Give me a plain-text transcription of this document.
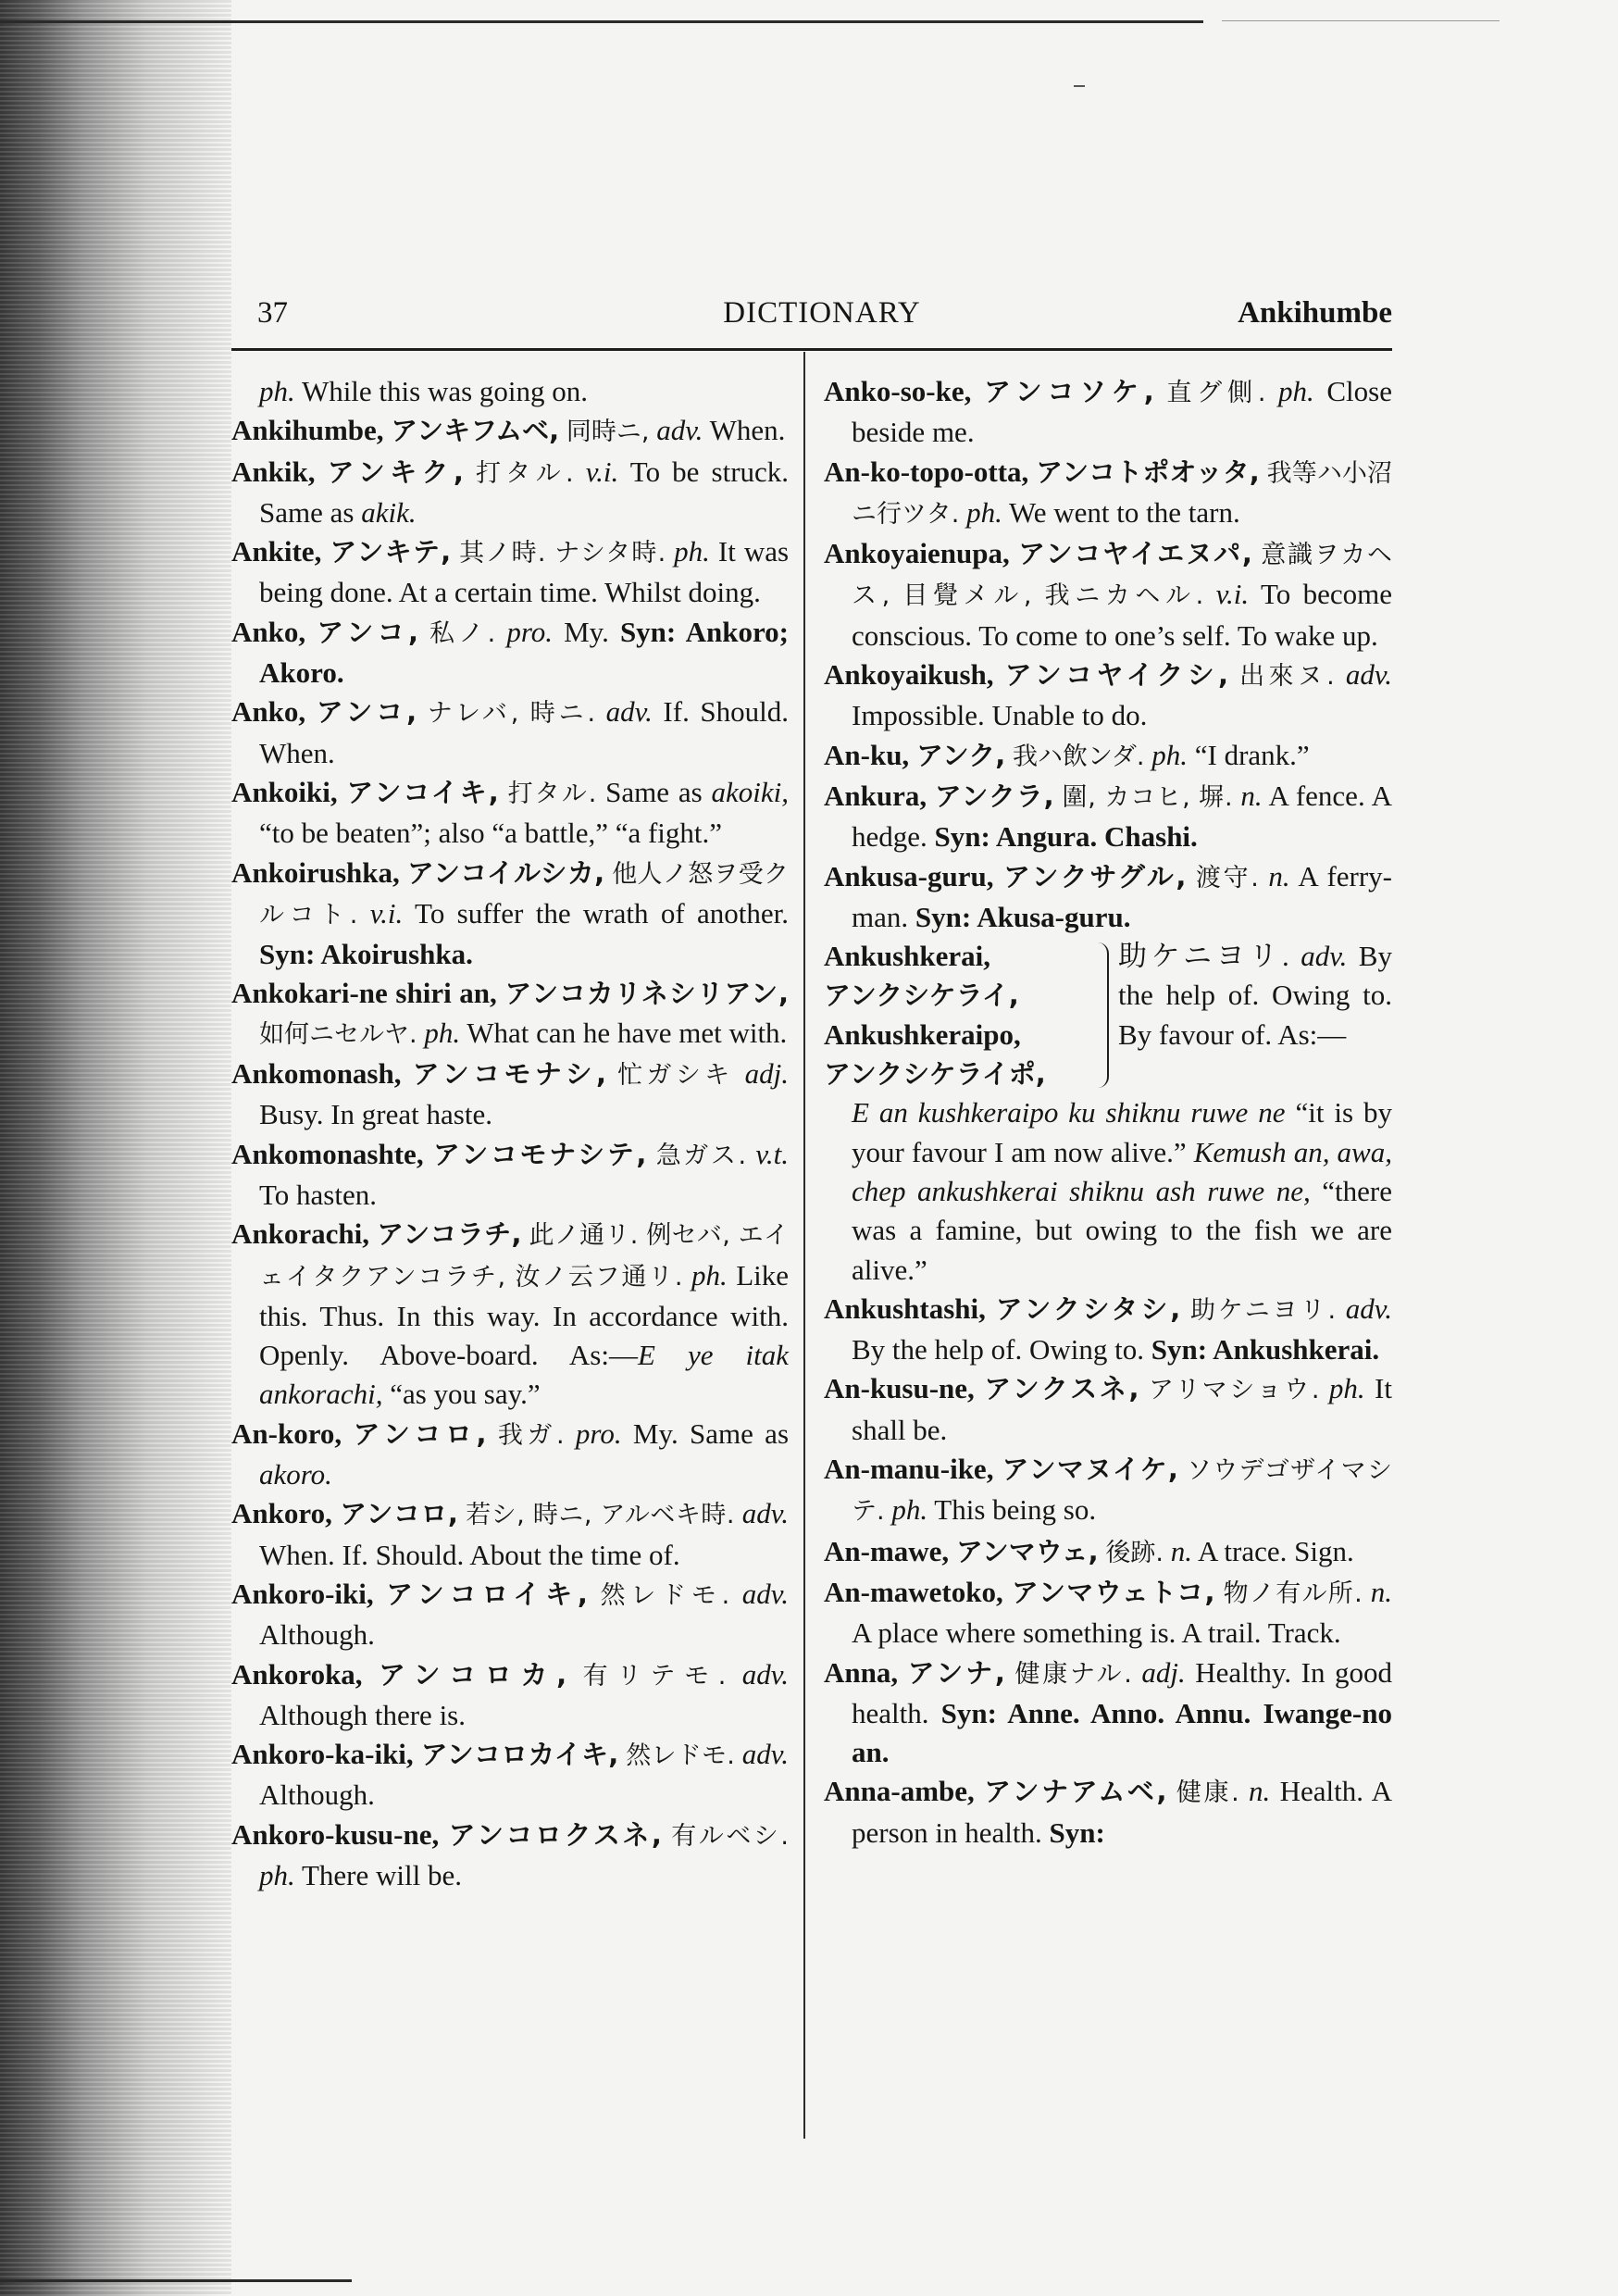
37	DICTIONARY	Ankihumbe

ph. While this was going on.

Ankihumbe, アンキフムベ, 同時ニ, adv. When.

Ankik, アンキク, 打タル. v.i. To be struck. Same as akik.

Ankite, アンキテ, 其ノ時. ナシタ時. ph. It was being done. At a certain time. Whilst doing.

Anko, アンコ, 私ノ. pro. My. Syn: Ankoro; Akoro.

Anko, アンコ, ナレバ, 時ニ. adv. If. Should. When.

Ankoiki, アンコイキ, 打タル. Same as akoiki, “to be beaten”; also “a battle,” “a fight.”

Ankoirushka, アンコイルシカ, 他人ノ怒ヲ受クルコト. v.i. To suffer the wrath of another. Syn: Akoirushka.

Ankokari-ne shiri an, アンコカリネシリアン, 如何ニセルヤ. ph. What can he have met with.

Ankomonash, アンコモナシ, 忙ガシキ adj. Busy. In great haste.

Ankomonashte, アンコモナシテ, 急ガス. v.t. To hasten.

Ankorachi, アンコラチ, 此ノ通リ. 例セバ, エイェイタクアンコラチ, 汝ノ云フ通リ. ph. Like this. Thus. In this way. In accordance with. Openly. Above-board. As:—E ye itak ankorachi, “as you say.”

An-koro, アンコロ, 我ガ. pro. My. Same as akoro.

Ankoro, アンコロ, 若シ, 時ニ, アルベキ時. adv. When. If. Should. About the time of.

Ankoro-iki, アンコロイキ, 然レドモ. adv. Although.

Ankoroka, アンコロカ, 有リテモ. adv. Although there is.

Ankoro-ka-iki, アンコロカイキ, 然レドモ. adv. Although.

Ankoro-kusu-ne, アンコロクスネ, 有ルベシ. ph. There will be.

Anko-so-ke, アンコソケ, 直グ側. ph. Close beside me.

An-ko-topo-otta, アンコトポオッタ, 我等ハ小沼ニ行ツタ. ph. We went to the tarn.

Ankoyaienupa, アンコヤイエヌパ, 意識ヲカヘス, 目覺メル, 我ニカヘル. v.i. To become conscious. To come to one’s self. To wake up.

Ankoyaikush, アンコヤイクシ, 出來ヌ. adv. Impossible. Unable to do.

An-ku, アンク, 我ハ飲ンダ. ph. “I drank.”

Ankura, アンクラ, 圍, カコヒ, 塀. n. A fence. A hedge. Syn: Angura. Chashi.

Ankusa-guru, アンクサグル, 渡守. n. A ferry-man. Syn: Akusa-guru.

Ankushkerai,
アンクシケライ,
Ankushkeraipo,
アンクシケライポ,
助ケニヨリ. adv. By the help of. Owing to. By favour of. As:—

E an kushkeraipo ku shiknu ruwe ne “it is by your favour I am now alive.” Kemush an, awa, chep ankushkerai shiknu ash ruwe ne, “there was a famine, but owing to the fish we are alive.”

Ankushtashi, アンクシタシ, 助ケニヨリ. adv. By the help of. Owing to. Syn: Ankushkerai.

An-kusu-ne, アンクスネ, アリマショウ. ph. It shall be.

An-manu-ike, アンマヌイケ, ソウデゴザイマシテ. ph. This being so.

An-mawe, アンマウェ, 後跡. n. A trace. Sign.

An-mawetoko, アンマウェトコ, 物ノ有ル所. n. A place where something is. A trail. Track.

Anna, アンナ, 健康ナル. adj. Healthy. In good health. Syn: Anne. Anno. Annu. Iwange-no an.

Anna-ambe, アンナアムベ, 健康. n. Health. A person in health. Syn:
